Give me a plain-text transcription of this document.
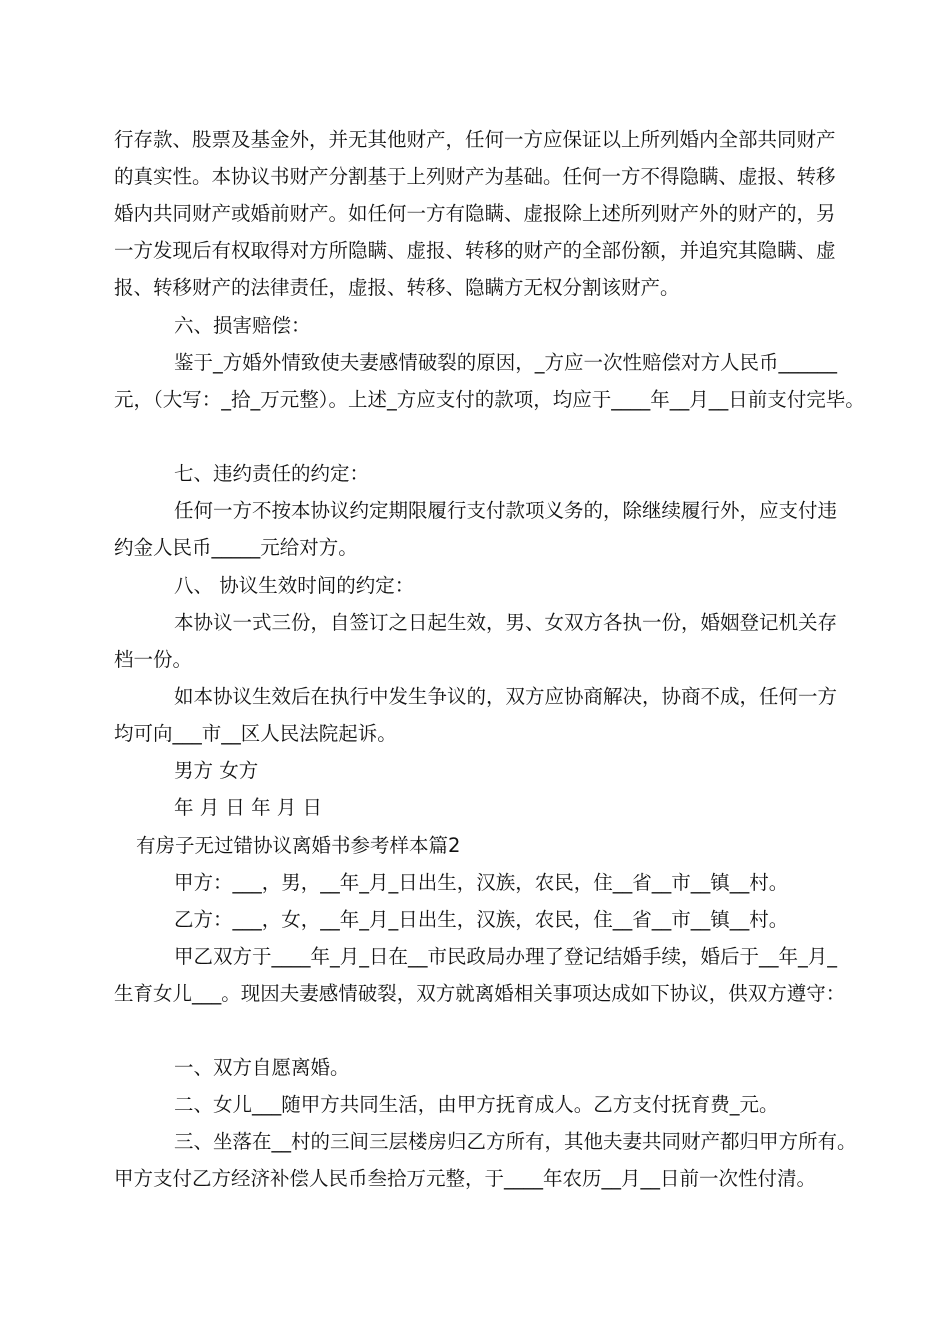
行存款、股票及基金外，并无其他财产，任何一方应保证以上所列婚内全部共同财产

的真实性。本协议书财产分割基于上列财产为基础。任何一方不得隐瞒、虚报、转移

婚内共同财产或婚前财产。如任何一方有隐瞒、虚报除上述所列财产外的财产的，另

一方发现后有权取得对方所隐瞒、虚报、转移的财产的全部份额，并追究其隐瞒、虚

报、转移财产的法律责任，虚报、转移、隐瞒方无权分割该财产。

六、损害赔偿：

鉴于_方婚外情致使夫妻感情破裂的原因，_方应一次性赔偿对方人民币______

元，（大写：_拾_万元整）。上述_方应支付的款项，均应于____年__月__日前支付完毕。

七、违约责任的约定：

任何一方不按本协议约定期限履行支付款项义务的，除继续履行外，应支付违

约金人民币_____元给对方。

八、 协议生效时间的约定：

本协议一式三份，自签订之日起生效，男、女双方各执一份，婚姻登记机关存

档一份。

如本协议生效后在执行中发生争议的，双方应协商解决，协商不成，任何一方

均可向___市__区人民法院起诉。

男方 女方

年 月 日 年 月 日

有房子无过错协议离婚书参考样本篇2

甲方：___，男，__年_月_日出生，汉族，农民，住__省__市__镇__村。

乙方：___，女，__年_月_日出生，汉族，农民，住__省__市__镇__村。

甲乙双方于____年_月_日在__市民政局办理了登记结婚手续，婚后于__年_月_

生育女儿___。现因夫妻感情破裂，双方就离婚相关事项达成如下协议，供双方遵守：

一、双方自愿离婚。

二、女儿___随甲方共同生活，由甲方抚育成人。乙方支付抚育费_元。

三、坐落在__村的三间三层楼房归乙方所有，其他夫妻共同财产都归甲方所有。

甲方支付乙方经济补偿人民币叁拾万元整，于____年农历__月__日前一次性付清。
